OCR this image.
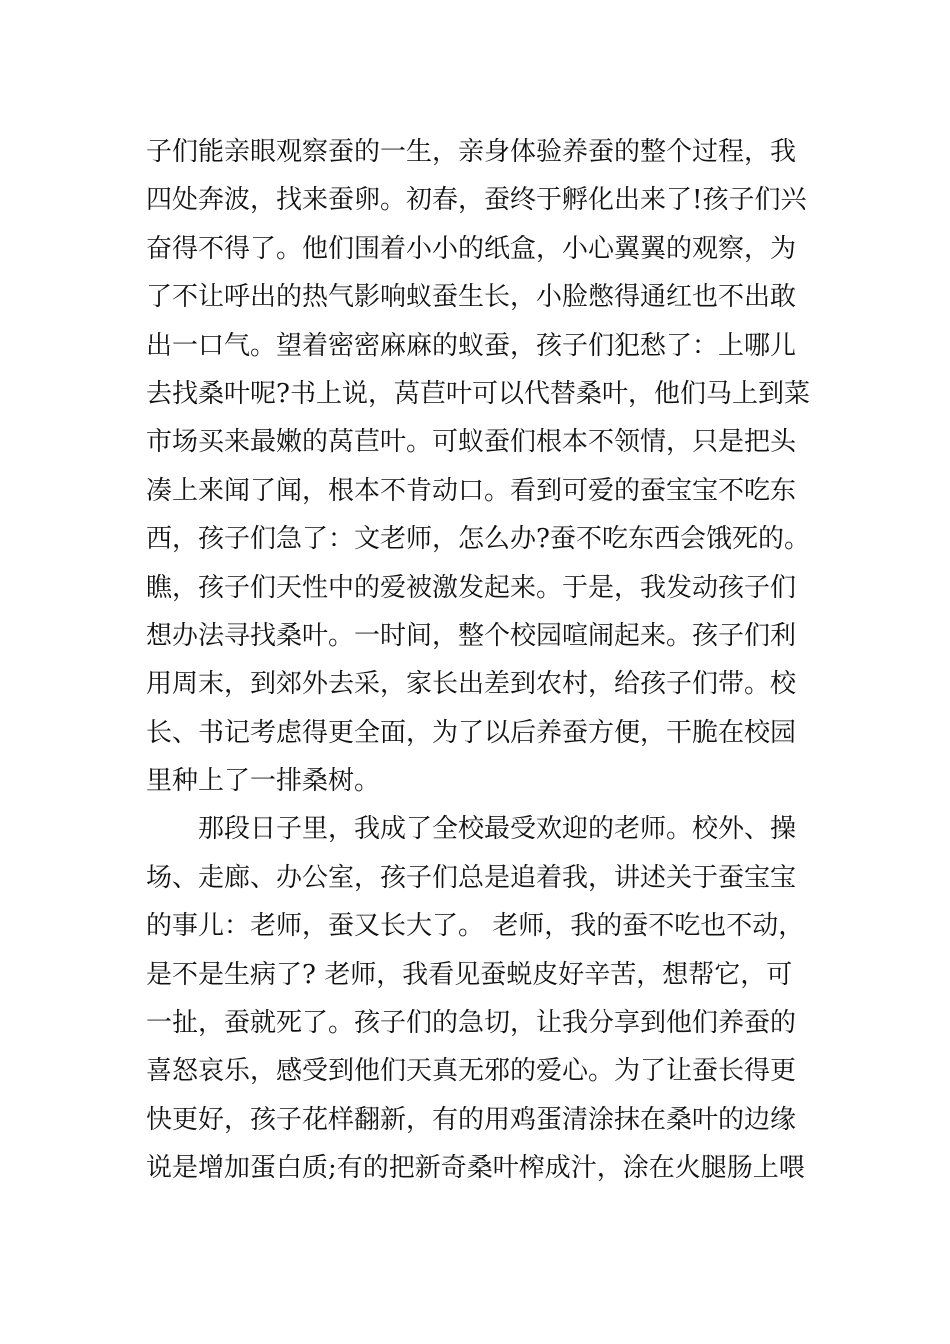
子们能亲眼观察蚕的一生，亲身体验养蚕的整个过程，我
四处奔波，找来蚕卵。初春，蚕终于孵化出来了!孩子们兴
奋得不得了。他们围着小小的纸盒，小心翼翼的观察，为
了不让呼出的热气影响蚁蚕生长，小脸憋得通红也不出敢
出一口气。望着密密麻麻的蚁蚕，孩子们犯愁了：上哪儿
去找桑叶呢?书上说，莴苣叶可以代替桑叶，他们马上到菜
市场买来最嫩的莴苣叶。可蚁蚕们根本不领情，只是把头
凑上来闻了闻，根本不肯动口。看到可爱的蚕宝宝不吃东
西，孩子们急了：文老师，怎么办?蚕不吃东西会饿死的。
瞧，孩子们天性中的爱被激发起来。于是，我发动孩子们
想办法寻找桑叶。一时间，整个校园喧闹起来。孩子们利
用周末，到郊外去采，家长出差到农村，给孩子们带。校
长、书记考虑得更全面，为了以后养蚕方便，干脆在校园
里种上了一排桑树。
那段日子里，我成了全校最受欢迎的老师。校外、操
场、走廊、办公室，孩子们总是追着我，讲述关于蚕宝宝
的事儿：老师，蚕又长大了。 老师，我的蚕不吃也不动，
是不是生病了? 老师，我看见蚕蜕皮好辛苦，想帮它，可
一扯，蚕就死了。孩子们的急切，让我分享到他们养蚕的
喜怒哀乐，感受到他们天真无邪的爱心。为了让蚕长得更
快更好，孩子花样翻新，有的用鸡蛋清涂抹在桑叶的边缘
说是增加蛋白质;有的把新奇桑叶榨成汁，涂在火腿肠上喂
